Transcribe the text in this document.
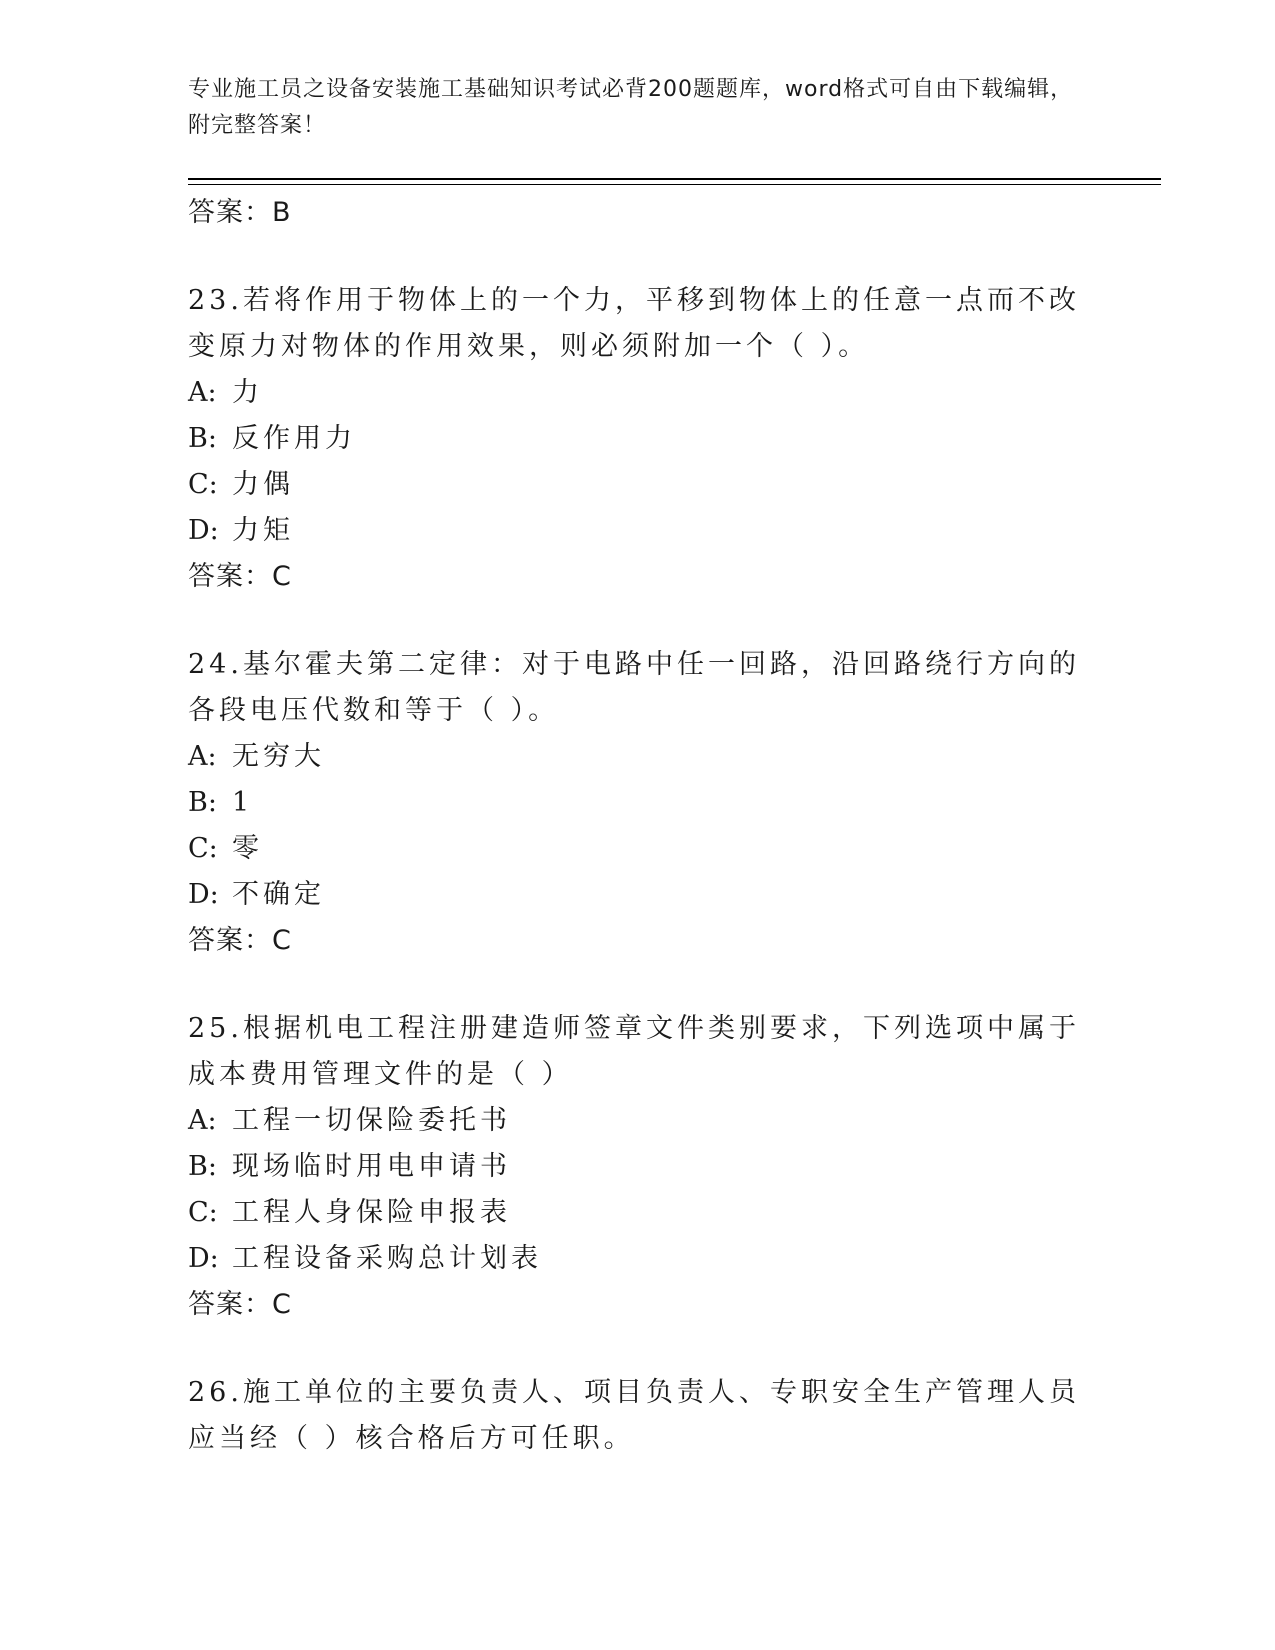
专业施工员之设备安装施工基础知识考试必背200题题库，word格式可自由下载编辑，附完整答案！
答案：B
23.若将作用于物体上的一个力，平移到物体上的任意一点而不改变原力对物体的作用效果，则必须附加一个（ ）。
A: 力
B: 反作用力
C: 力偶
D: 力矩
答案：C
24.基尔霍夫第二定律：对于电路中任一回路，沿回路绕行方向的各段电压代数和等于（ ）。
A: 无穷大
B: 1
C: 零
D: 不确定
答案：C
25.根据机电工程注册建造师签章文件类别要求，下列选项中属于成本费用管理文件的是（ ）
A: 工程一切保险委托书
B: 现场临时用电申请书
C: 工程人身保险申报表
D: 工程设备采购总计划表
答案：C
26.施工单位的主要负责人、项目负责人、专职安全生产管理人员应当经（ ）核合格后方可任职。
